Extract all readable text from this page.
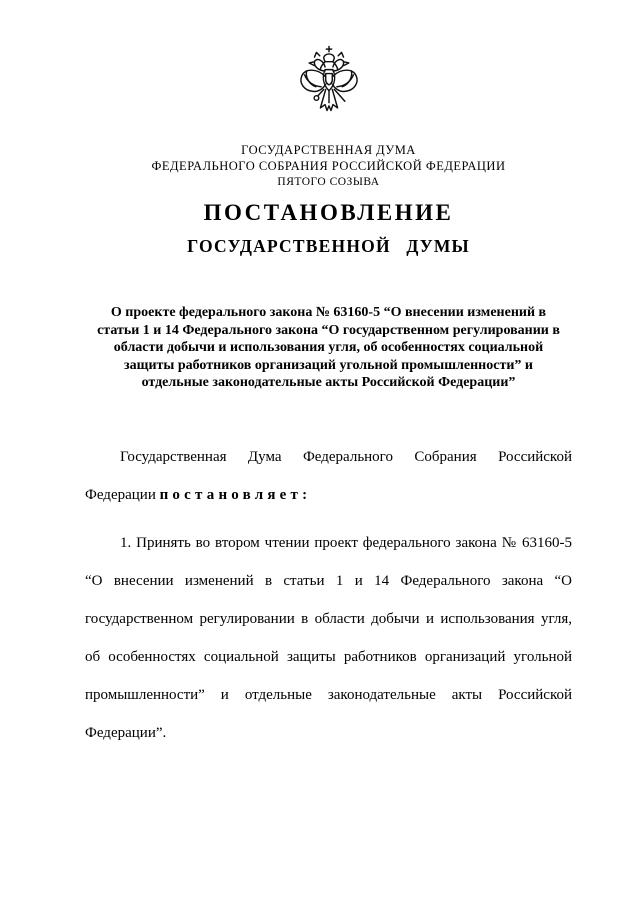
ГОСУДАРСТВЕННАЯ ДУМА
ФЕДЕРАЛЬНОГО СОБРАНИЯ РОССИЙСКОЙ ФЕДЕРАЦИИ
ПЯТОГО СОЗЫВА
ПОСТАНОВЛЕНИЕ
ГОСУДАРСТВЕННОЙ ДУМЫ
О проекте федерального закона № 63160-5 “О внесении изменений в статьи 1 и 14 Федерального закона “О государственном регулировании в области добычи и использования угля, об особенностях социальной защиты работников организаций угольной промышленности” и отдельные законодательные акты Российской Федерации”

Государственная Дума Федерального Собрания Российской Федерации постановляет:

1. Принять во втором чтении проект федерального закона № 63160-5 “О внесении изменений в статьи 1 и 14 Федерального закона “О государственном регулировании в области добычи и использования угля, об особенностях социальной защиты работников организаций угольной промышленности” и отдельные законодательные акты Российской Федерации”.
